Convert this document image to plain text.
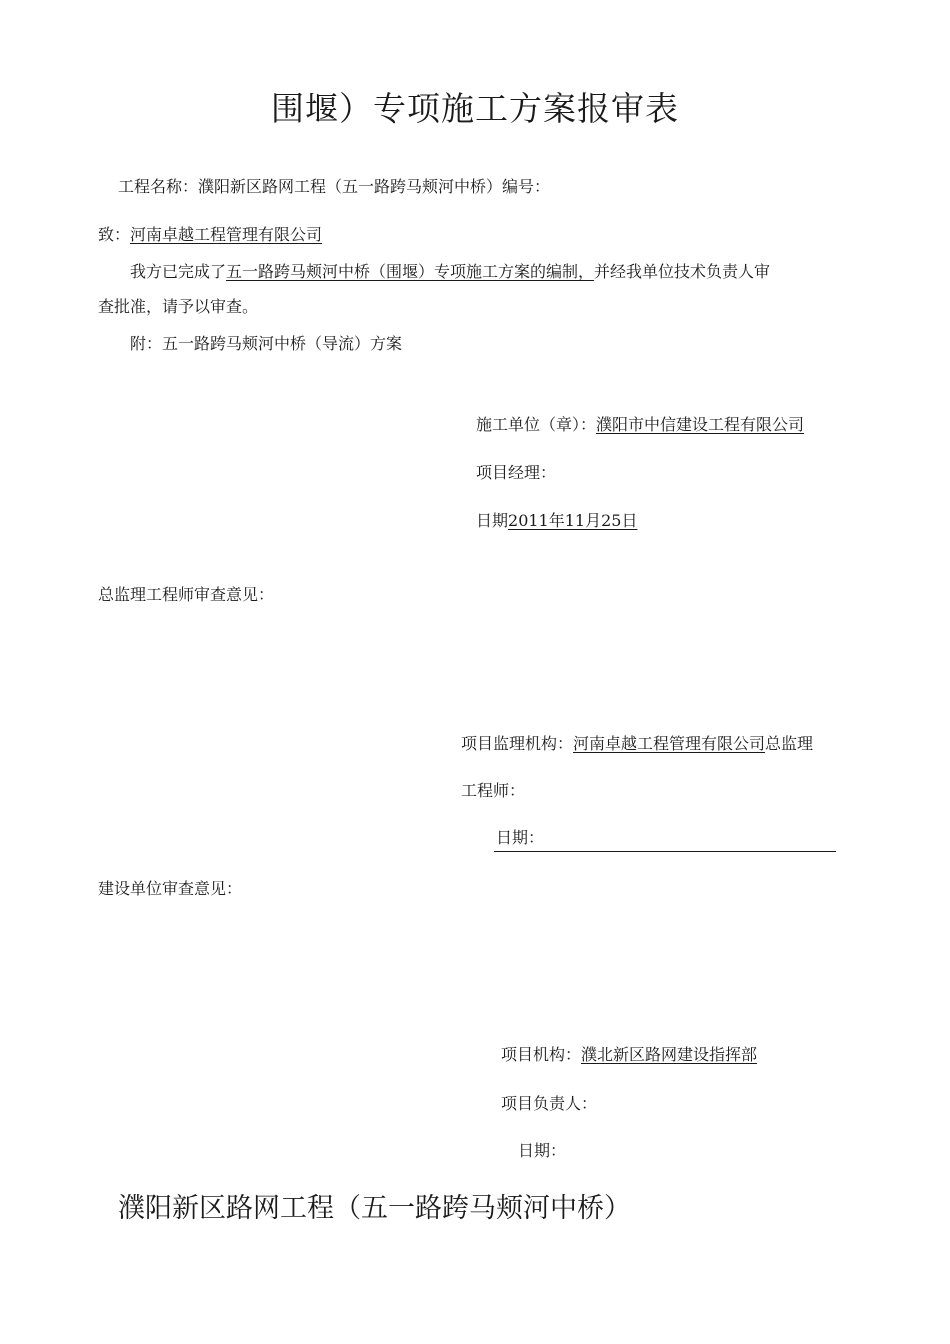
围堰）专项施工方案报审表
工程名称：濮阳新区路网工程（五一路跨马颊河中桥）编号：
致：河南卓越工程管理有限公司
我方已完成了五一路跨马颊河中桥（围堰）专项施工方案的编制，并经我单位技术负责人审
查批准，请予以审查。
附：五一路跨马颊河中桥（导流）方案
施工单位（章）：濮阳市中信建设工程有限公司
项目经理：
日期2011年11月25日
总监理工程师审查意见：
项目监理机构：河南卓越工程管理有限公司总监理
工程师：
日期：
建设单位审查意见：
项目机构：濮北新区路网建设指挥部
项目负责人：
日期：
濮阳新区路网工程（五一路跨马颊河中桥）
